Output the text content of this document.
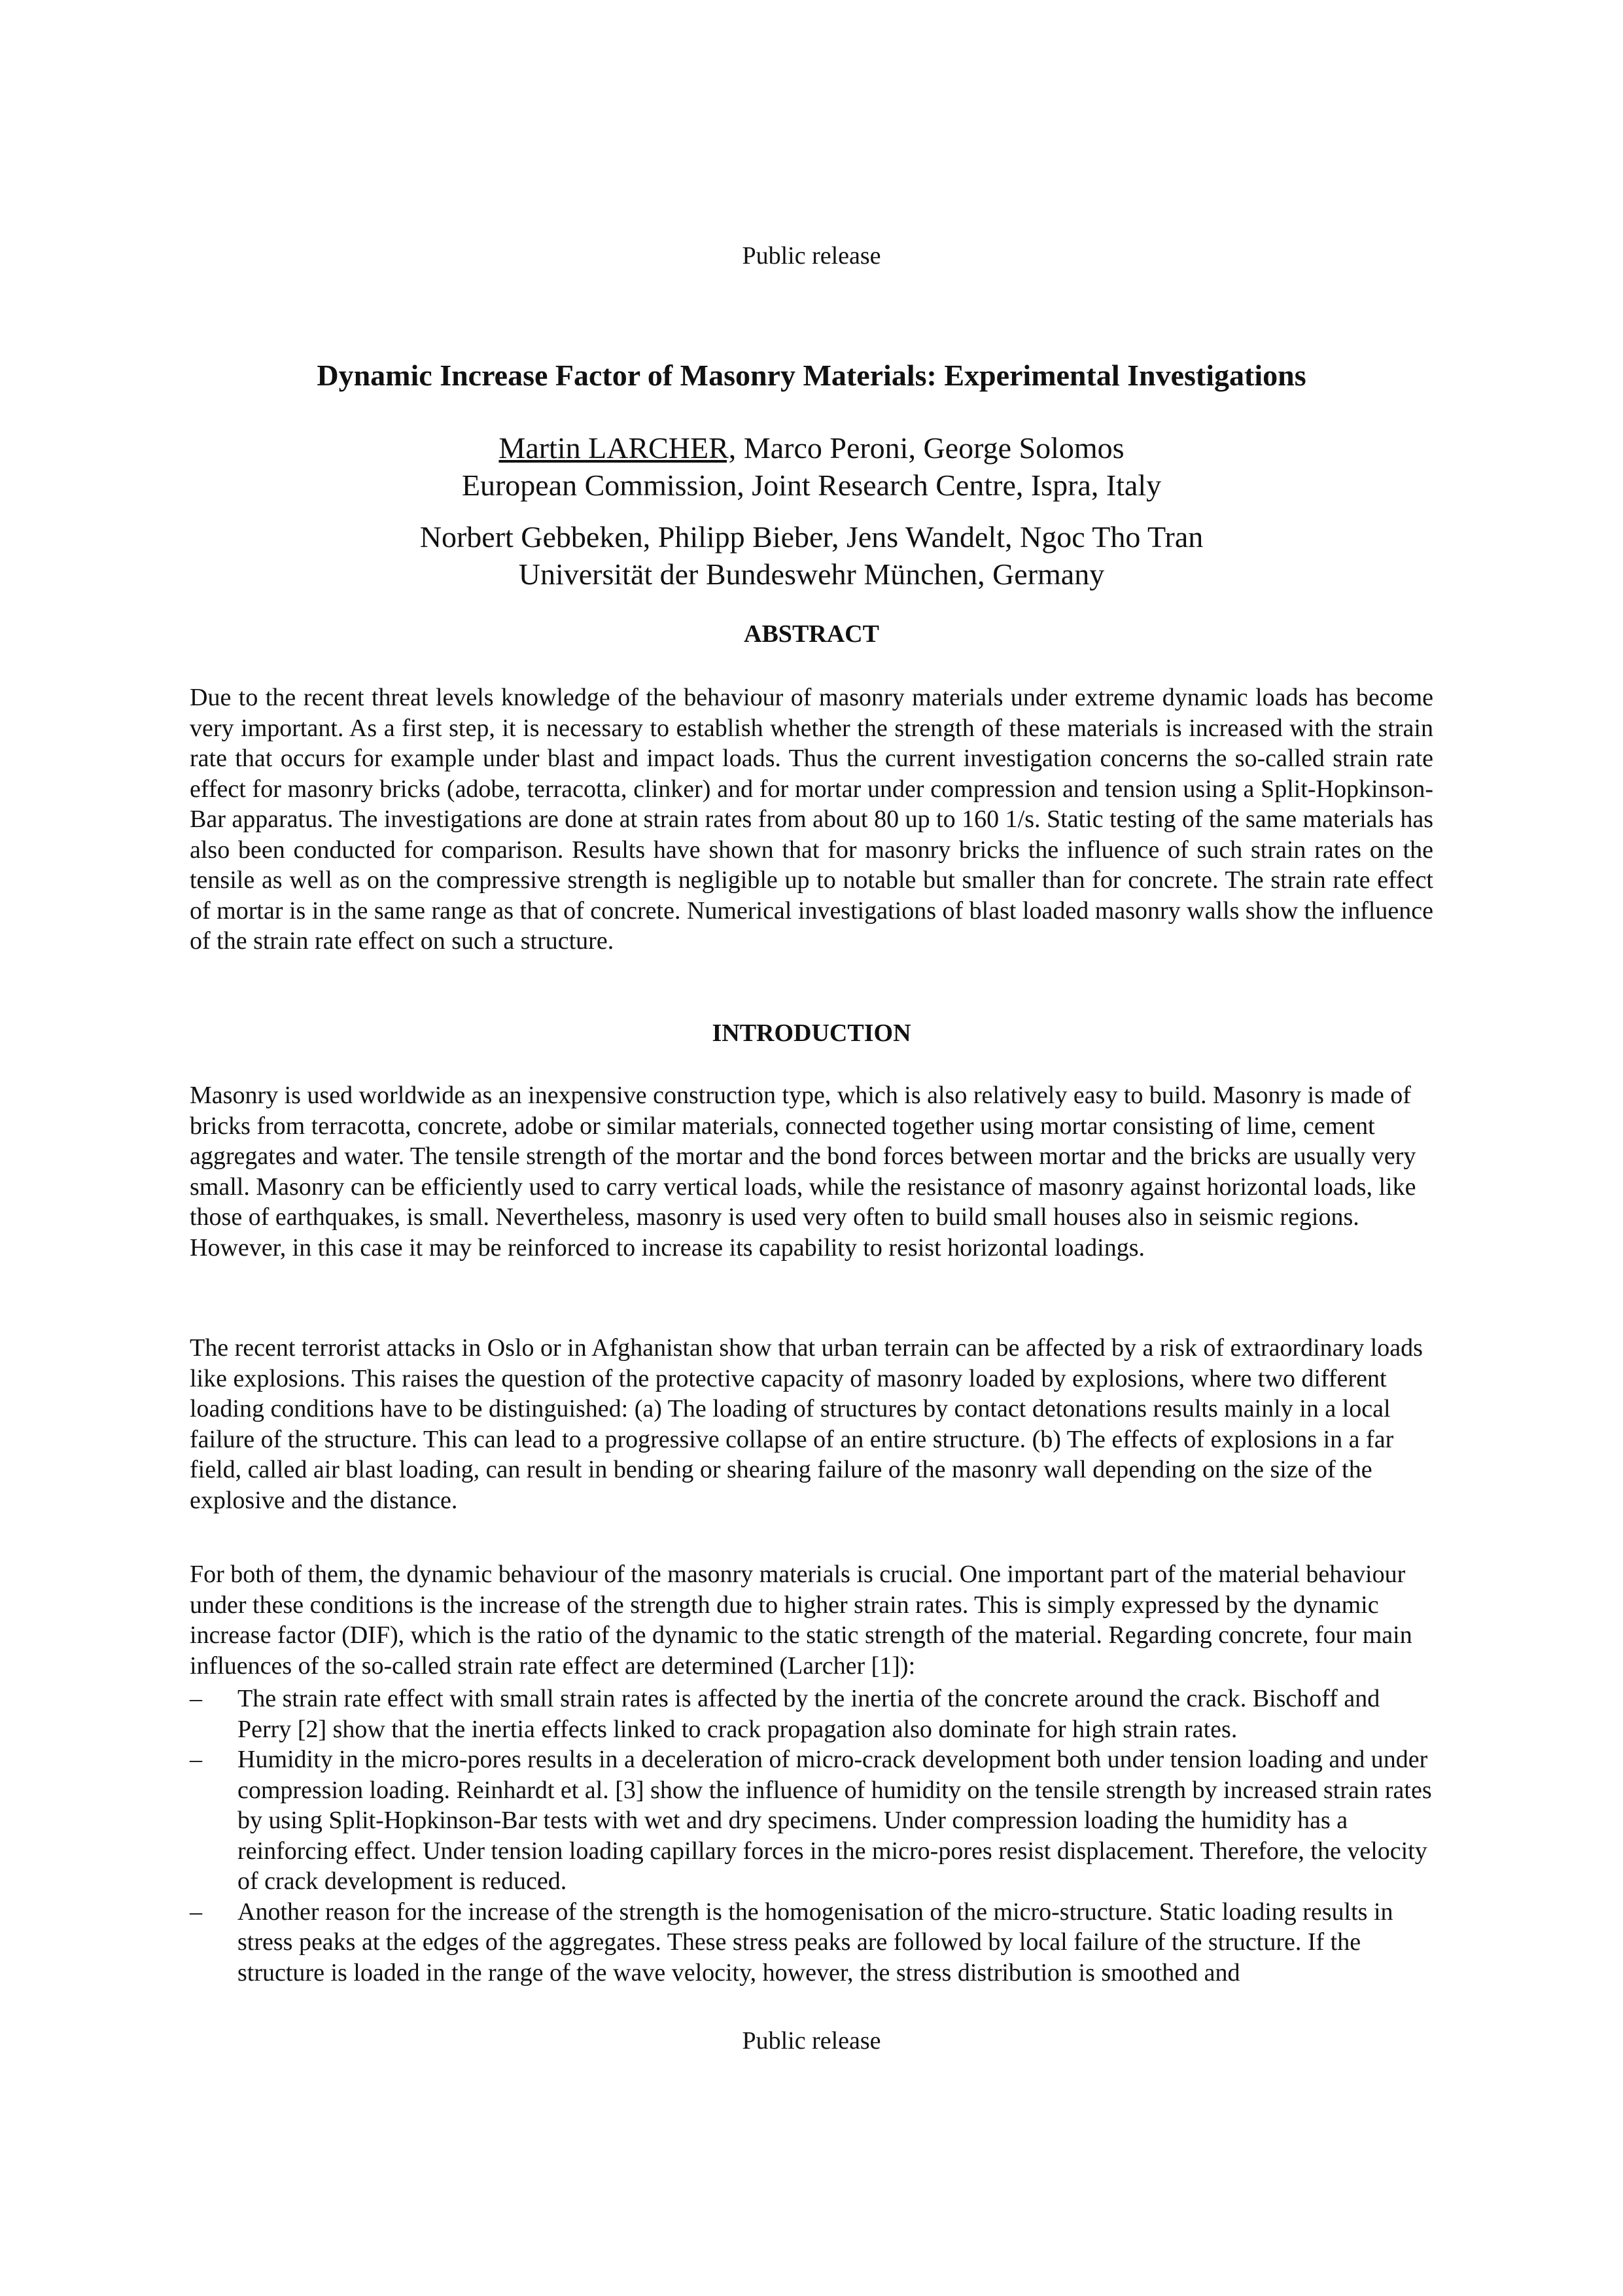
Public release
Dynamic Increase Factor of Masonry Materials: Experimental Investigations
Martin LARCHER, Marco Peroni, George Solomos
European Commission, Joint Research Centre, Ispra, Italy
Norbert Gebbeken, Philipp Bieber, Jens Wandelt, Ngoc Tho Tran
Universität der Bundeswehr München, Germany
ABSTRACT

Due to the recent threat levels knowledge of the behaviour of masonry materials under extreme dynamic loads has become very important. As a first step, it is necessary to establish whether the strength of these materials is increased with the strain rate that occurs for example under blast and impact loads. Thus the current investigation concerns the so-called strain rate effect for masonry bricks (adobe, terracotta, clinker) and for mortar under compression and tension using a Split-Hopkinson-Bar apparatus. The investigations are done at strain rates from about 80 up to 160 1/s. Static testing of the same materials has also been conducted for comparison. Results have shown that for masonry bricks the influence of such strain rates on the tensile as well as on the compressive strength is negligible up to notable but smaller than for concrete. The strain rate effect of mortar is in the same range as that of concrete. Numerical investigations of blast loaded masonry walls show the influence of the strain rate effect on such a structure.

INTRODUCTION

Masonry is used worldwide as an inexpensive construction type, which is also relatively easy to build. Masonry is made of bricks from terracotta, concrete, adobe or similar materials, connected together using mortar consisting of lime, cement aggregates and water. The tensile strength of the mortar and the bond forces between mortar and the bricks are usually very small. Masonry can be efficiently used to carry vertical loads, while the resistance of masonry against horizontal loads, like those of earthquakes, is small. Nevertheless, masonry is used very often to build small houses also in seismic regions. However, in this case it may be reinforced to increase its capability to resist horizontal loadings.

The recent terrorist attacks in Oslo or in Afghanistan show that urban terrain can be affected by a risk of extraordinary loads like explosions. This raises the question of the protective capacity of masonry loaded by explosions, where two different loading conditions have to be distinguished: (a) The loading of structures by contact detonations results mainly in a local failure of the structure. This can lead to a progressive collapse of an entire structure. (b) The effects of explosions in a far field, called air blast loading, can result in bending or shearing failure of the masonry wall depending on the size of the explosive and the distance.

For both of them, the dynamic behaviour of the masonry materials is crucial. One important part of the material behaviour under these conditions is the increase of the strength due to higher strain rates. This is simply expressed by the dynamic increase factor (DIF), which is the ratio of the dynamic to the static strength of the material. Regarding concrete, four main influences of the so-called strain rate effect are determined (Larcher [1]):

– The strain rate effect with small strain rates is affected by the inertia of the concrete around the crack. Bischoff and Perry [2] show that the inertia effects linked to crack propagation also dominate for high strain rates.
– Humidity in the micro-pores results in a deceleration of micro-crack development both under tension loading and under compression loading. Reinhardt et al. [3] show the influence of humidity on the tensile strength by increased strain rates by using Split-Hopkinson-Bar tests with wet and dry specimens. Under compression loading the humidity has a reinforcing effect. Under tension loading capillary forces in the micro-pores resist displacement. Therefore, the velocity of crack development is reduced.
– Another reason for the increase of the strength is the homogenisation of the micro-structure. Static loading results in stress peaks at the edges of the aggregates. These stress peaks are followed by local failure of the structure. If the structure is loaded in the range of the wave velocity, however, the stress distribution is smoothed and
Public release
